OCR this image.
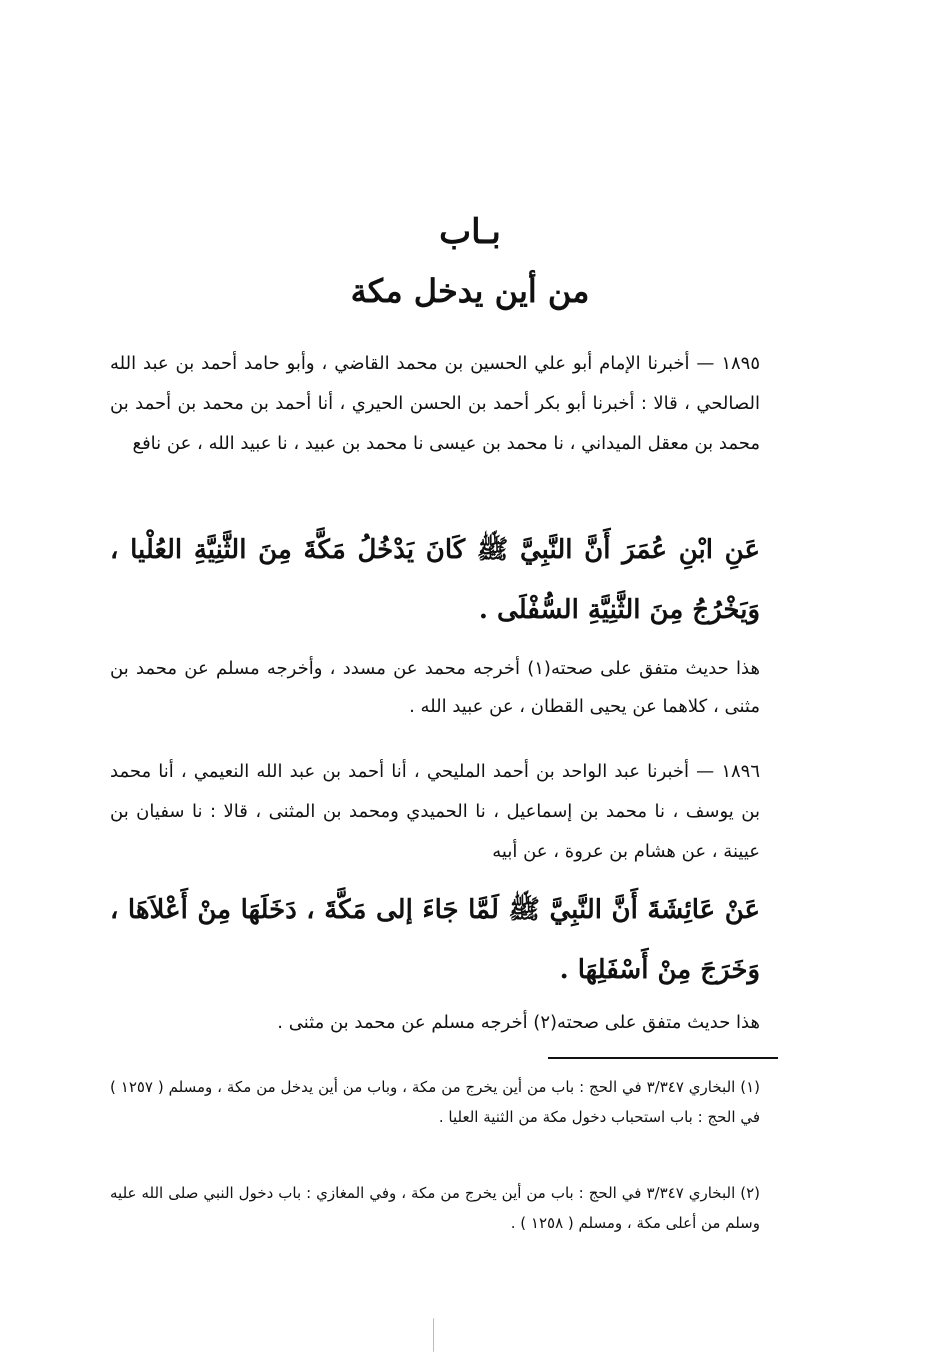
بـاب
من أين يدخل مكة
١٨٩٥ — أخبرنا الإمام أبو علي الحسين بن محمد القاضي ، وأبو حامد أحمد بن عبد الله الصالحي ، قالا : أخبرنا أبو بكر أحمد بن الحسن الحيري ، أنا أحمد بن محمد بن أحمد بن محمد بن معقل الميداني ، نا محمد بن عيسى نا محمد بن عبيد ، نا عبيد الله ، عن نافع
عَنِ ابْنِ عُمَرَ أَنَّ النَّبِيَّ ﷺ كَانَ يَدْخُلُ مَكَّةَ مِنَ الثَّنِيَّةِ العُلْيا ، وَيَخْرُجُ مِنَ الثَّنِيَّةِ السُّفْلَى .
هذا حديث متفق على صحته(١) أخرجه محمد عن مسدد ، وأخرجه مسلم عن محمد بن مثنى ، كلاهما عن يحيى القطان ، عن عبيد الله .
١٨٩٦ — أخبرنا عبد الواحد بن أحمد المليحي ، أنا أحمد بن عبد الله النعيمي ، أنا محمد بن يوسف ، نا محمد بن إسماعيل ، نا الحميدي ومحمد بن المثنى ، قالا : نا سفيان بن عيينة ، عن هشام بن عروة ، عن أبيه
عَنْ عَائِشَةَ أَنَّ النَّبِيَّ ﷺ لَمَّا جَاءَ إلى مَكَّةَ ، دَخَلَهَا مِنْ أَعْلاَهَا ، وَخَرَجَ مِنْ أَسْفَلِهَا .
هذا حديث متفق على صحته(٢) أخرجه مسلم عن محمد بن مثنى .
(١) البخاري ٣/٣٤٧ في الحج : باب من أين يخرج من مكة ، وباب من أين يدخل من مكة ، ومسلم ( ١٢٥٧ ) في الحج : باب استحباب دخول مكة من الثنية العليا .
(٢) البخاري ٣/٣٤٧ في الحج : باب من أين يخرج من مكة ، وفي المغازي : باب دخول النبي صلى الله عليه وسلم من أعلى مكة ، ومسلم ( ١٢٥٨ ) .
